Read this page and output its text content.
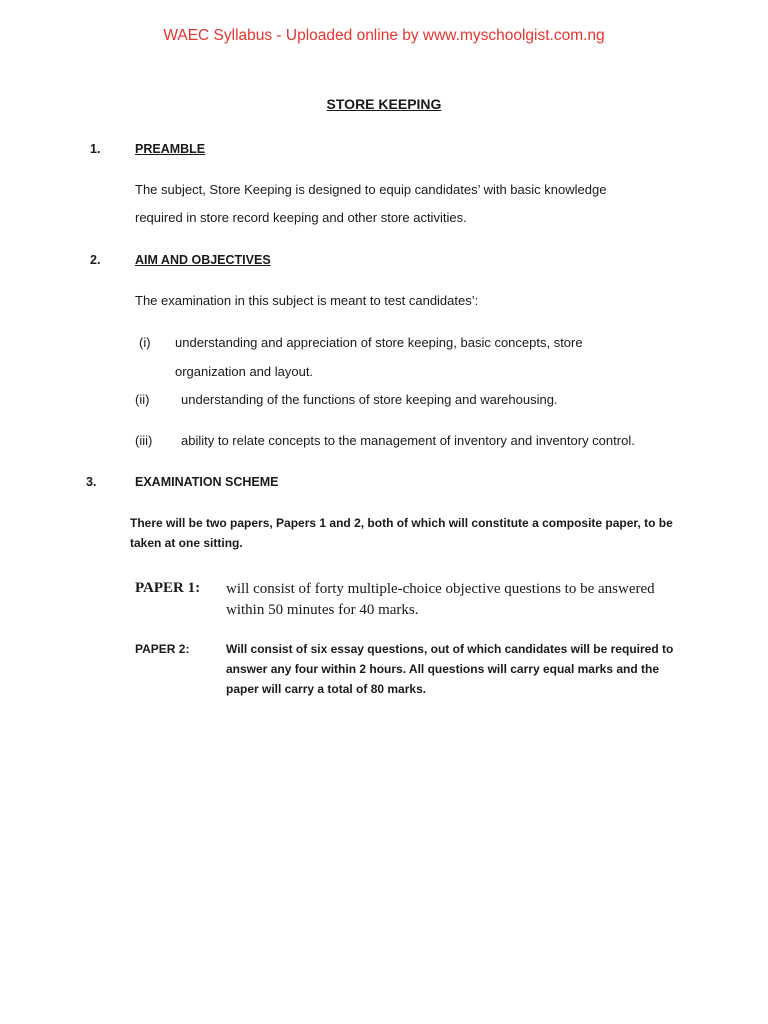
WAEC Syllabus - Uploaded online by www.myschoolgist.com.ng
STORE KEEPING
1.	PREAMBLE
The subject, Store Keeping is designed to equip candidates’ with basic knowledge
required in store record keeping and other store activities.
2.	AIM AND OBJECTIVES
The examination in this subject is meant to test candidates’:
(i) understanding and appreciation of store keeping, basic concepts, store
organization and layout.
(ii) understanding of the functions of store keeping and warehousing.
(iii) ability to relate concepts to the management of inventory and inventory control.
3.	EXAMINATION SCHEME
There will be two papers, Papers 1 and 2, both of which will constitute a composite paper, to be taken at one sitting.
PAPER 1: will consist of forty multiple-choice objective questions to be answered within 50 minutes for 40 marks.
PAPER 2:	Will consist of six essay questions, out of which candidates will be required to answer any four within 2 hours. All questions will carry equal marks and the paper will carry a total of 80 marks.
